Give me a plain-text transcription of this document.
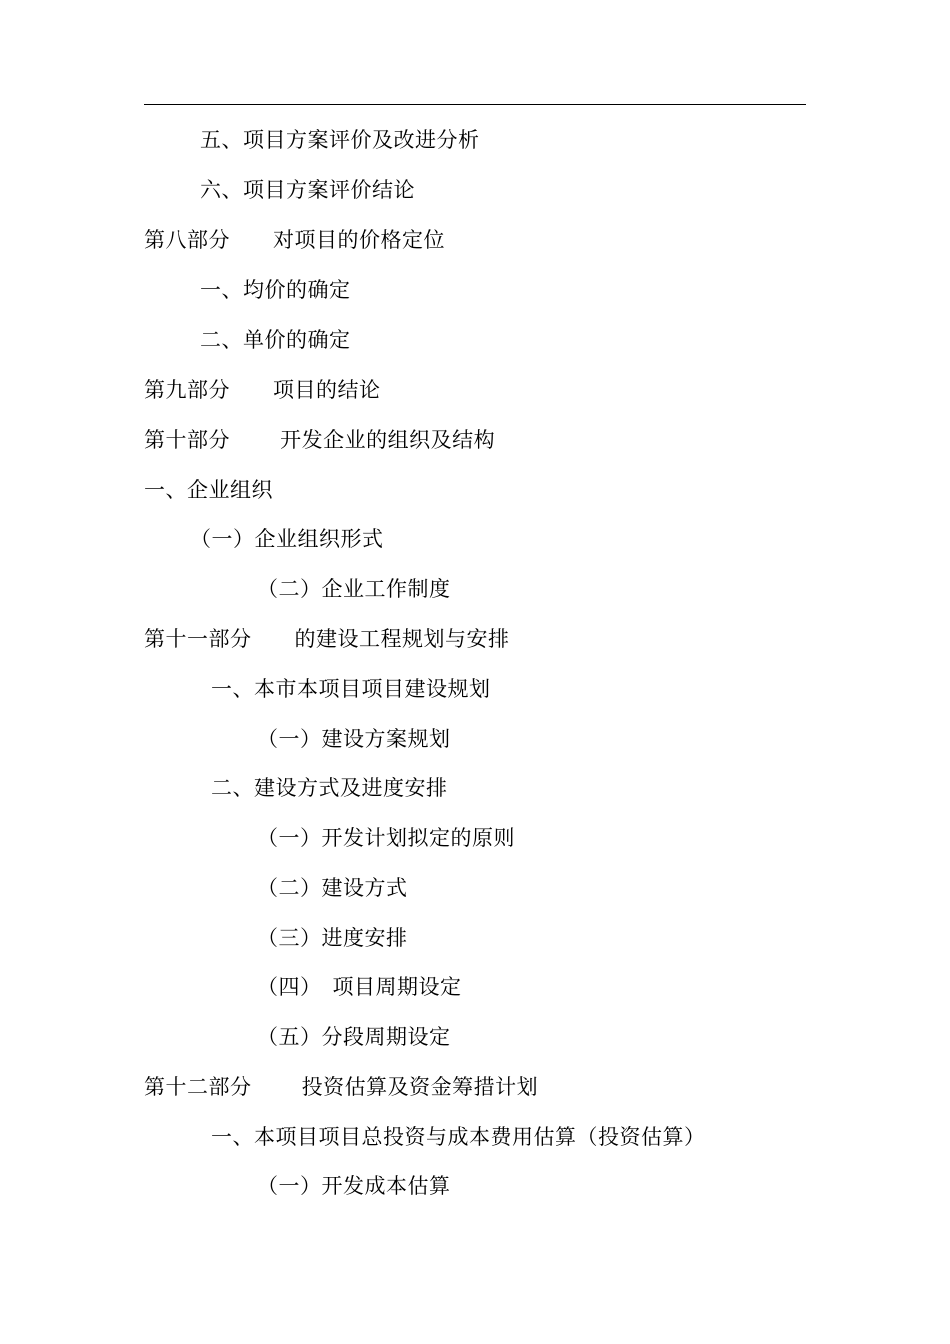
五、项目方案评价及改进分析
六、项目方案评价结论
第八部分　　对项目的价格定位
一、均价的确定
二、单价的确定
第九部分　　项目的结论
第十部分　　 开发企业的组织及结构
一、企业组织
（一）企业组织形式
（二）企业工作制度
第十一部分　　的建设工程规划与安排
一、本市本项目项目建设规划
（一）建设方案规划
二、建设方式及进度安排
（一）开发计划拟定的原则
（二）建设方式
（三）进度安排
（四）　项目周期设定
（五）分段周期设定
第十二部分　　 投资估算及资金筹措计划
一、本项目项目总投资与成本费用估算（投资估算）
（一）开发成本估算
